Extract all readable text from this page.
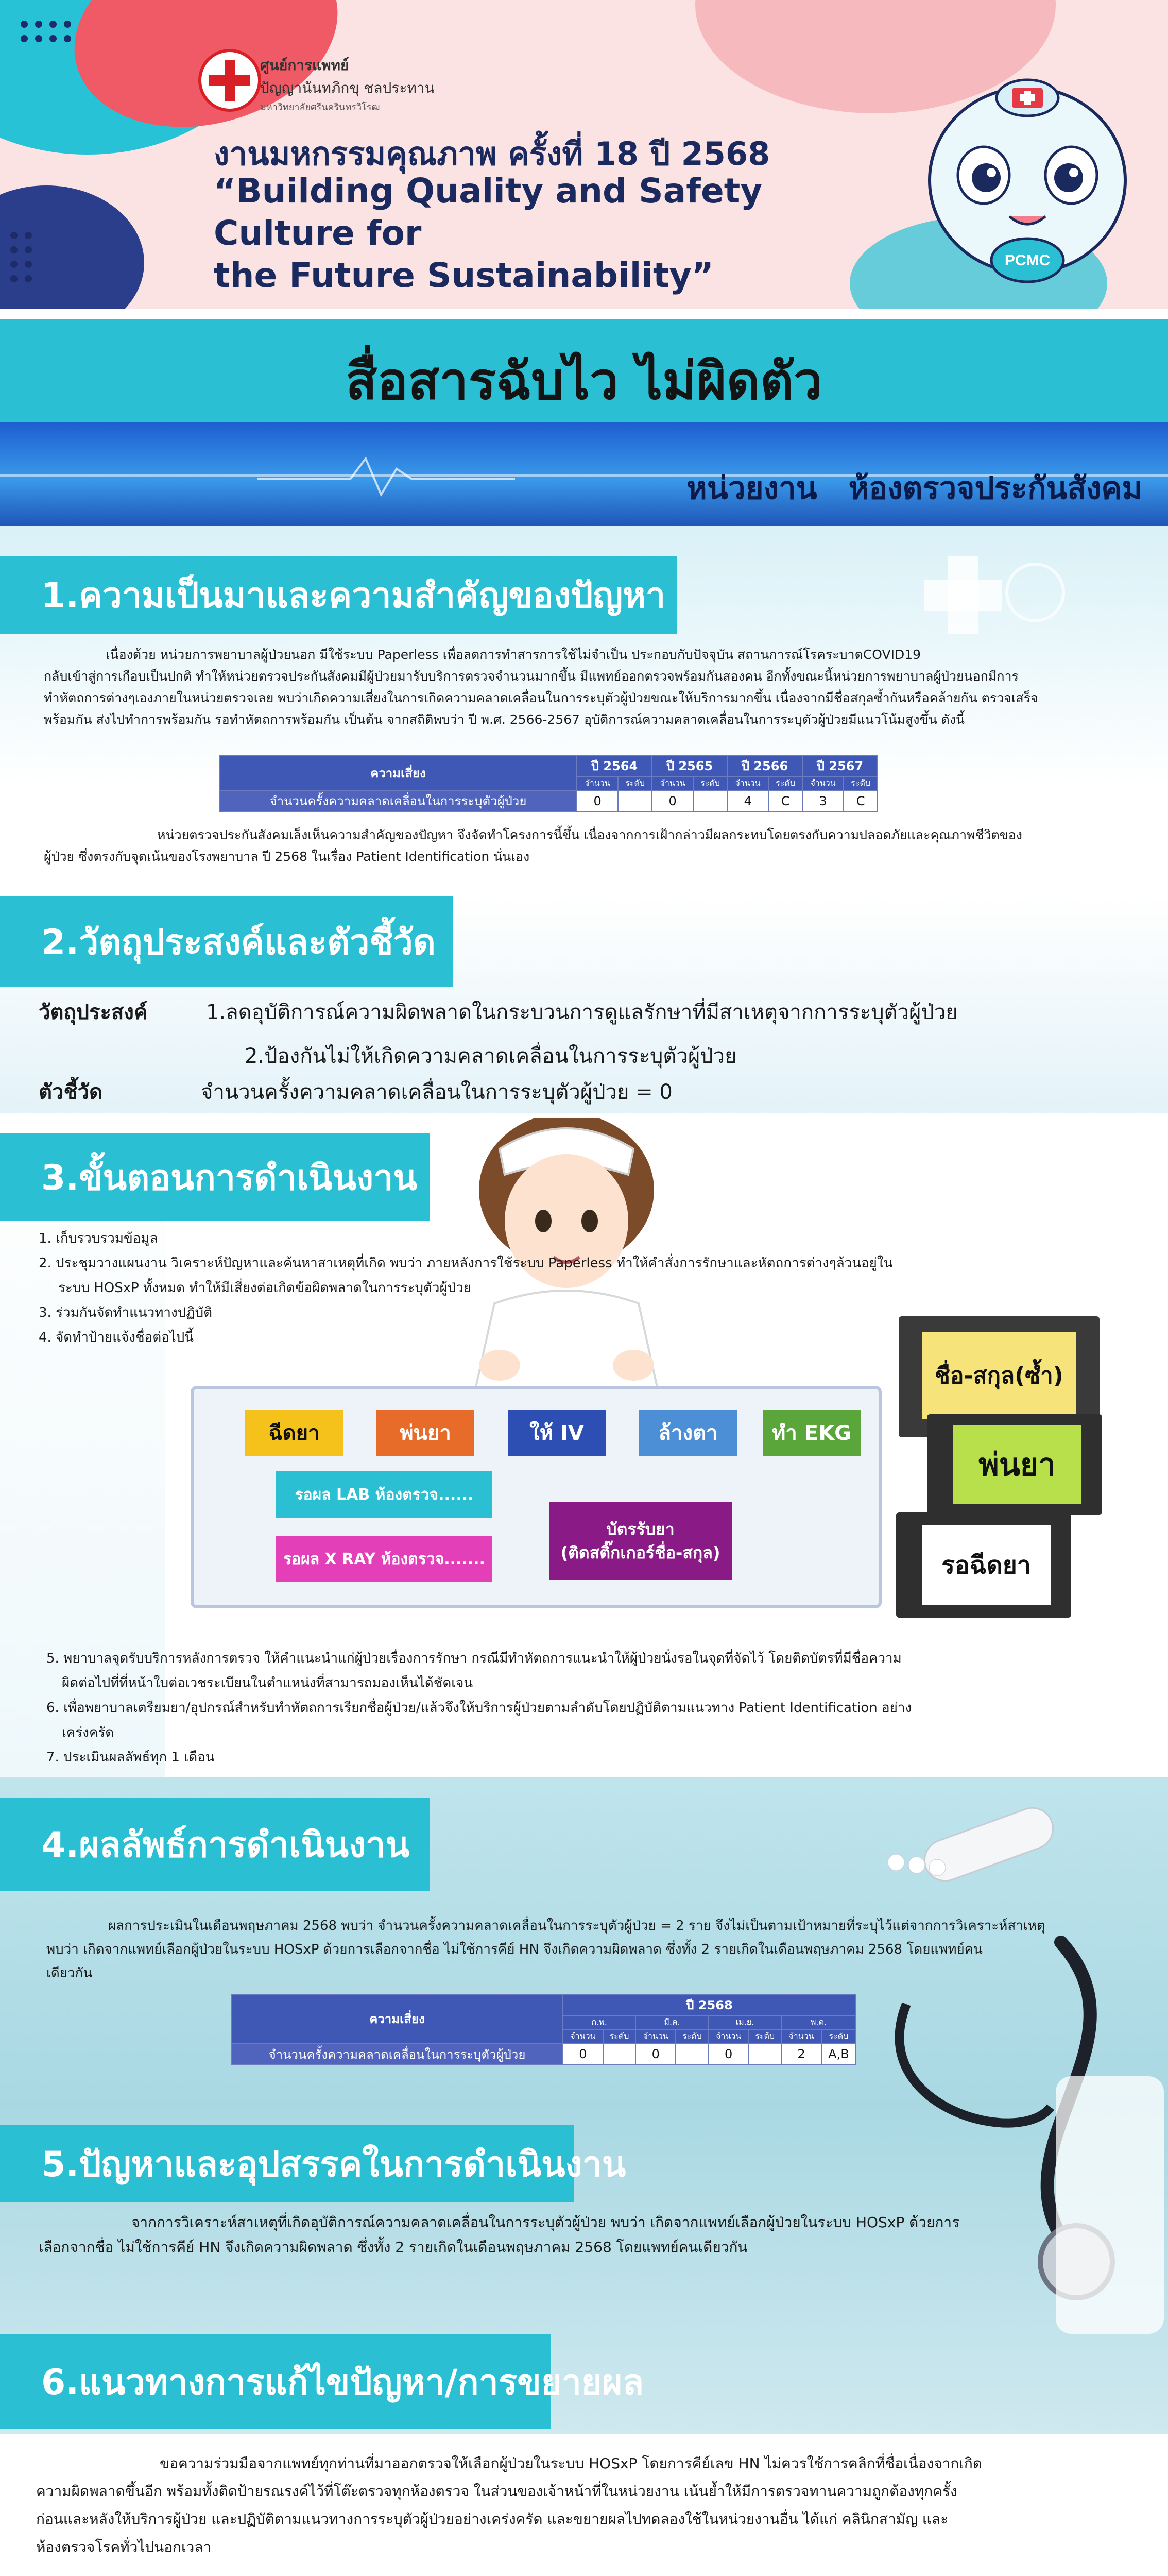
ศูนย์การแพทย์
ปัญญานันทภิกขุ ชลประทาน
มหาวิทยาลัยศรีนครินทรวิโรฒ
งานมหกรรมคุณภาพ ครั้งที่ 18 ปี 2568
“Building Quality and Safety Culture for
the Future Sustainability”	PCMC
สื่อสารฉับไว ไม่ผิดตัว
หน่วยงาน ห้องตรวจประกันสังคม
1.ความเป็นมาและความสำคัญของปัญหา
เนื่องด้วย หน่วยการพยาบาลผู้ป่วยนอก มีใช้ระบบ Paperless เพื่อลดการทำสารการใช้ไม่จำเป็น ประกอบกับปัจจุบัน สถานการณ์โรคระบาดCOVID19
กลับเข้าสู่การเกือบเป็นปกติ ทำให้หน่วยตรวจประกันสังคมมีผู้ป่วยมารับบริการตรวจจำนวนมากขึ้น มีแพทย์ออกตรวจพร้อมกันสองคน อีกทั้งขณะนี้หน่วยการพยาบาลผู้ป่วยนอกมีการ
ทำหัตถการต่างๆเองภายในหน่วยตรวจเลย พบว่าเกิดความเสี่ยงในการเกิดความคลาดเคลื่อนในการระบุตัวผู้ป่วยขณะให้บริการมากขึ้น เนื่องจากมีชื่อสกุลซ้ำกันหรือคล้ายกัน ตรวจเสร็จ
พร้อมกัน ส่งไปทำการพร้อมกัน รอทำหัตถการพร้อมกัน เป็นต้น จากสถิติพบว่า ปี พ.ศ. 2566-2567 อุบัติการณ์ความคลาดเคลื่อนในการระบุตัวผู้ป่วยมีแนวโน้มสูงขึ้น ดังนี้
ความเสี่ยง	ปี 2564		ปี 2565		ปี 2566		ปี 2567	
	จำนวน	ระดับ	จำนวน	ระดับ	จำนวน	ระดับ	จำนวน	ระดับ
จำนวนครั้งความคลาดเคลื่อนในการระบุตัวผู้ป่วย	0		0		4	C	3	C
หน่วยตรวจประกันสังคมเล็งเห็นความสำคัญของปัญหา จึงจัดทำโครงการนี้ขึ้น เนื่องจากการเฝ้ากล่าวมีผลกระทบโดยตรงกับความปลอดภัยและคุณภาพชีวิตของ
ผู้ป่วย ซึ่งตรงกับจุดเน้นของโรงพยาบาล ปี 2568 ในเรื่อง Patient Identification นั่นเอง
2.วัตถุประสงค์และตัวชี้วัด
วัตถุประสงค์	1.ลดอุบัติการณ์ความผิดพลาดในกระบวนการดูแลรักษาที่มีสาเหตุจากการระบุตัวผู้ป่วย
2.ป้องกันไม่ให้เกิดความคลาดเคลื่อนในการระบุตัวผู้ป่วย
ตัวชี้วัด	จำนวนครั้งความคลาดเคลื่อนในการระบุตัวผู้ป่วย = 0
3.ขั้นตอนการดำเนินงาน
1. เก็บรวบรวมข้อมูล
2. ประชุมวางแผนงาน วิเคราะห์ปัญหาและค้นหาสาเหตุที่เกิด พบว่า ภายหลังการใช้ระบบ Paperless ทำให้คำสั่งการรักษาและหัตถการต่างๆล้วนอยู่ใน
ระบบ HOSxP ทั้งหมด ทำให้มีเสี่ยงต่อเกิดข้อผิดพลาดในการระบุตัวผู้ป่วย
3. ร่วมกันจัดทำแนวทางปฏิบัติ
4. จัดทำป้ายแจ้งชื่อต่อไปนี้
ฉีดยา	พ่นยา	ให้ IV	ล้างตา	ทำ EKG
รอผล LAB ห้องตรวจ......
รอผล X RAY ห้องตรวจ.......
บัตรรับยา
(ติดสติ๊กเกอร์ชื่อ-สกุล)
ชื่อ-สกุล(ซ้ำ)
พ่นยา
รอฉีดยา
5. พยาบาลจุดรับบริการหลังการตรวจ ให้คำแนะนำแก่ผู้ป่วยเรื่องการรักษา กรณีมีทำหัตถการแนะนำให้ผู้ป่วยนั่งรอในจุดที่จัดไว้ โดยติดบัตรที่มีชื่อความ
ผิดต่อไปที่ที่หน้าใบต่อเวชระเบียนในตำแหน่งที่สามารถมองเห็นได้ชัดเจน
6. เพื่อพยาบาลเตรียมยา/อุปกรณ์สำหรับทำหัตถการเรียกชื่อผู้ป่วย/แล้วจึงให้บริการผู้ป่วยตามลำดับโดยปฏิบัติตามแนวทาง Patient Identification อย่าง
เคร่งครัด
7. ประเมินผลลัพธ์ทุก 1 เดือน
4.ผลลัพธ์การดำเนินงาน
ผลการประเมินในเดือนพฤษภาคม 2568 พบว่า จำนวนครั้งความคลาดเคลื่อนในการระบุตัวผู้ป่วย = 2 ราย จึงไม่เป็นตามเป้าหมายที่ระบุไว้แต่จากการวิเคราะห์สาเหตุ
พบว่า เกิดจากแพทย์เลือกผู้ป่วยในระบบ HOSxP ด้วยการเลือกจากชื่อ ไม่ใช้การคีย์ HN จึงเกิดความผิดพลาด ซึ่งทั้ง 2 รายเกิดในเดือนพฤษภาคม 2568 โดยแพทย์คน
เดียวกัน
ความเสี่ยง	ปี 2568							
	ก.พ.		มี.ค.		เม.ย.		พ.ค.	
	จำนวน	ระดับ	จำนวน	ระดับ	จำนวน	ระดับ	จำนวน	ระดับ
จำนวนครั้งความคลาดเคลื่อนในการระบุตัวผู้ป่วย	0		0		0		2	A,B
5.ปัญหาและอุปสรรคในการดำเนินงาน
จากการวิเคราะห์สาเหตุที่เกิดอุบัติการณ์ความคลาดเคลื่อนในการระบุตัวผู้ป่วย พบว่า เกิดจากแพทย์เลือกผู้ป่วยในระบบ HOSxP ด้วยการ
เลือกจากชื่อ ไม่ใช้การคีย์ HN จึงเกิดความผิดพลาด ซึ่งทั้ง 2 รายเกิดในเดือนพฤษภาคม 2568 โดยแพทย์คนเดียวกัน
6.แนวทางการแก้ไขปัญหา/การขยายผล
ขอความร่วมมือจากแพทย์ทุกท่านที่มาออกตรวจให้เลือกผู้ป่วยในระบบ HOSxP โดยการคีย์เลข HN ไม่ควรใช้การคลิกที่ชื่อเนื่องจากเกิด
ความผิดพลาดขึ้นอีก พร้อมทั้งติดป้ายรณรงค์ไว้ที่โต๊ะตรวจทุกห้องตรวจ ในส่วนของเจ้าหน้าที่ในหน่วยงาน เน้นย้ำให้มีการตรวจทานความถูกต้องทุกครั้ง
ก่อนและหลังให้บริการผู้ป่วย และปฏิบัติตามแนวทางการระบุตัวผู้ป่วยอย่างเคร่งครัด และขยายผลไปทดลองใช้ในหน่วยงานอื่น ได้แก่ คลินิกสามัญ และ
ห้องตรวจโรคทั่วไปนอกเวลา
